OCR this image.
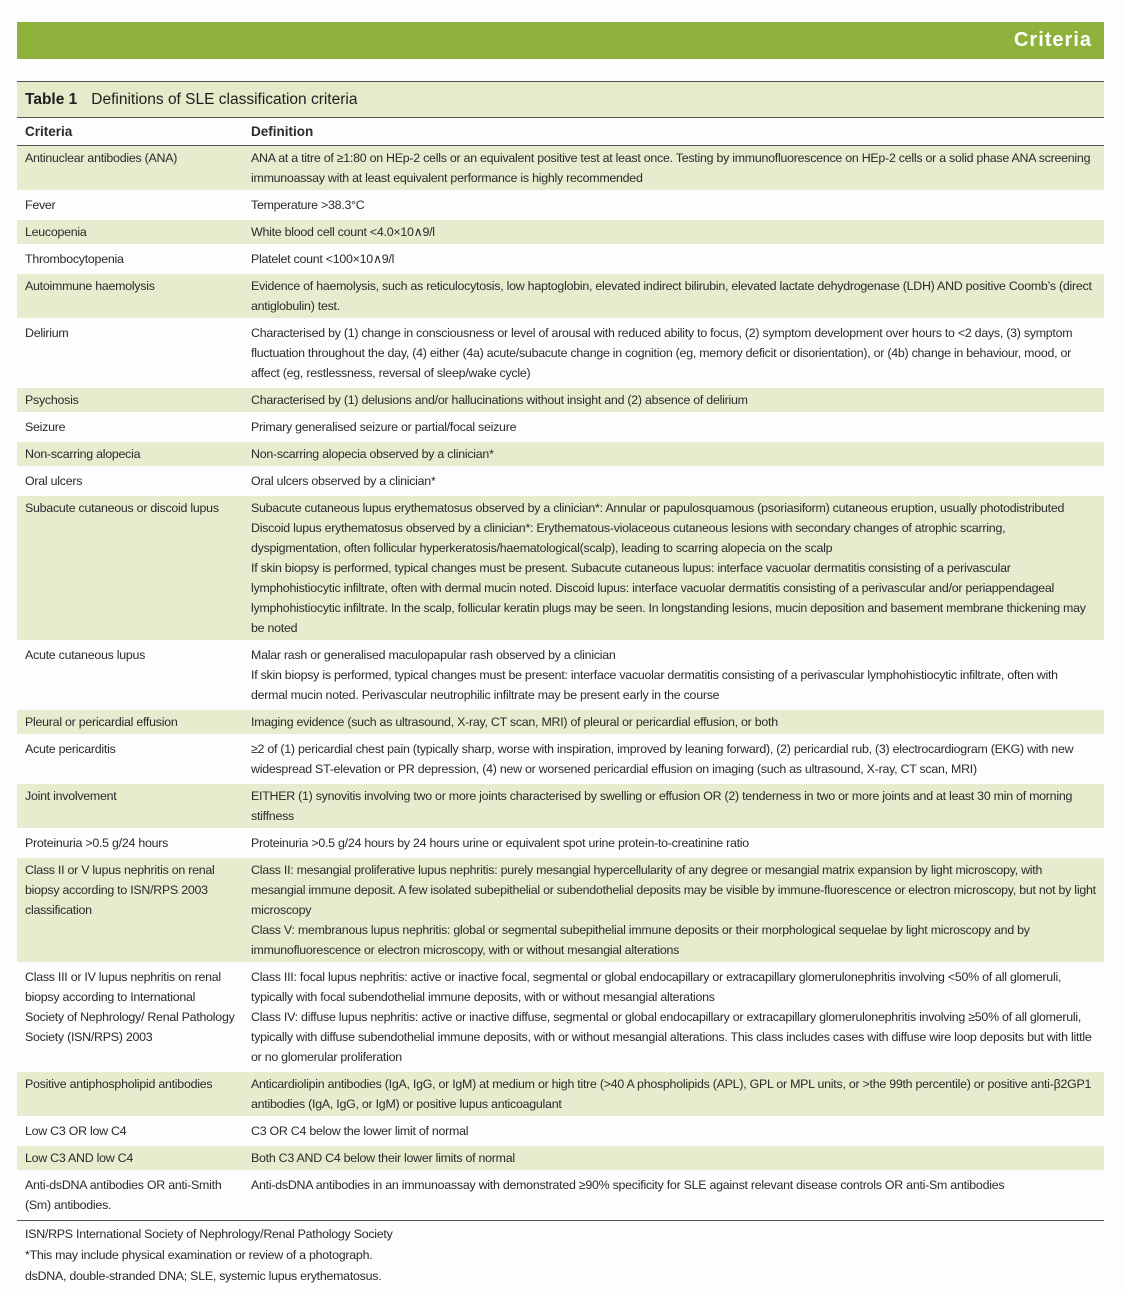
Criteria
Table 1 Definitions of SLE classification criteria
Criteria	Definition
Antinuclear antibodies (ANA)	ANA at a titre of ≥1:80 on HEp-2 cells or an equivalent positive test at least once. Testing by immunofluorescence on HEp-2 cells or a solid phase ANA screening immunoassay with at least equivalent performance is highly recommended

Fever	Temperature >38.3°C

Leucopenia	White blood cell count <4.0×10∧9/l

Thrombocytopenia	Platelet count <100×10∧9/l

Autoimmune haemolysis	Evidence of haemolysis, such as reticulocytosis, low haptoglobin, elevated indirect bilirubin, elevated lactate dehydrogenase (LDH) AND positive Coomb’s (direct antiglobulin) test.

Delirium	Characterised by (1) change in consciousness or level of arousal with reduced ability to focus, (2) symptom development over hours to <2 days, (3) symptom fluctuation throughout the day, (4) either (4a) acute/subacute change in cognition (eg, memory deficit or disorientation), or (4b) change in behaviour, mood, or affect (eg, restlessness, reversal of sleep/wake cycle)

Psychosis	Characterised by (1) delusions and/or hallucinations without insight and (2) absence of delirium

Seizure	Primary generalised seizure or partial/focal seizure

Non-scarring alopecia	Non-scarring alopecia observed by a clinician*

Oral ulcers	Oral ulcers observed by a clinician*

Subacute cutaneous or discoid lupus	Subacute cutaneous lupus erythematosus observed by a clinician*: Annular or papulosquamous (psoriasiform) cutaneous eruption, usually photodistributed
Discoid lupus erythematosus observed by a clinician*: Erythematous-violaceous cutaneous lesions with secondary changes of atrophic scarring, dyspigmentation, often follicular hyperkeratosis/haematological(scalp), leading to scarring alopecia on the scalp
If skin biopsy is performed, typical changes must be present. Subacute cutaneous lupus: interface vacuolar dermatitis consisting of a perivascular lymphohistiocytic infiltrate, often with dermal mucin noted. Discoid lupus: interface vacuolar dermatitis consisting of a perivascular and/or periappendageal lymphohistiocytic infiltrate. In the scalp, follicular keratin plugs may be seen. In longstanding lesions, mucin deposition and basement membrane thickening may be noted

Acute cutaneous lupus	Malar rash or generalised maculopapular rash observed by a clinician
If skin biopsy is performed, typical changes must be present: interface vacuolar dermatitis consisting of a perivascular lymphohistiocytic infiltrate, often with dermal mucin noted. Perivascular neutrophilic infiltrate may be present early in the course

Pleural or pericardial effusion	Imaging evidence (such as ultrasound, X-ray, CT scan, MRI) of pleural or pericardial effusion, or both

Acute pericarditis	≥2 of (1) pericardial chest pain (typically sharp, worse with inspiration, improved by leaning forward), (2) pericardial rub, (3) electrocardiogram (EKG) with new widespread ST-elevation or PR depression, (4) new or worsened pericardial effusion on imaging (such as ultrasound, X-ray, CT scan, MRI)

Joint involvement	EITHER (1) synovitis involving two or more joints characterised by swelling or effusion OR (2) tenderness in two or more joints and at least 30 min of morning stiffness

Proteinuria >0.5 g/24 hours	Proteinuria >0.5 g/24 hours by 24 hours urine or equivalent spot urine protein-to-creatinine ratio

Class II or V lupus nephritis on renal biopsy according to ISN/RPS 2003 classification	Class II: mesangial proliferative lupus nephritis: purely mesangial hypercellularity of any degree or mesangial matrix expansion by light microscopy, with mesangial immune deposit. A few isolated subepithelial or subendothelial deposits may be visible by immune-fluorescence or electron microscopy, but not by light microscopy
Class V: membranous lupus nephritis: global or segmental subepithelial immune deposits or their morphological sequelae by light microscopy and by immunofluorescence or electron microscopy, with or without mesangial alterations

Class III or IV lupus nephritis on renal biopsy according to International Society of Nephrology/ Renal Pathology Society (ISN/RPS) 2003	Class III: focal lupus nephritis: active or inactive focal, segmental or global endocapillary or extracapillary glomerulonephritis involving <50% of all glomeruli, typically with focal subendothelial immune deposits, with or without mesangial alterations
Class IV: diffuse lupus nephritis: active or inactive diffuse, segmental or global endocapillary or extracapillary glomerulonephritis involving ≥50% of all glomeruli, typically with diffuse subendothelial immune deposits, with or without mesangial alterations. This class includes cases with diffuse wire loop deposits but with little or no glomerular proliferation

Positive antiphospholipid antibodies	Anticardiolipin antibodies (IgA, IgG, or IgM) at medium or high titre (>40 A phospholipids (APL), GPL or MPL units, or >the 99th percentile) or positive anti-β2GP1 antibodies (IgA, IgG, or IgM) or positive lupus anticoagulant

Low C3 OR low C4	C3 OR C4 below the lower limit of normal

Low C3 AND low C4	Both C3 AND C4 below their lower limits of normal

Anti-dsDNA antibodies OR anti-Smith (Sm) antibodies.	Anti-dsDNA antibodies in an immunoassay with demonstrated ≥90% specificity for SLE against relevant disease controls OR anti-Sm antibodies
ISN/RPS International Society of Nephrology/Renal Pathology Society
*This may include physical examination or review of a photograph.
dsDNA, double-stranded DNA; SLE, systemic lupus erythematosus.
